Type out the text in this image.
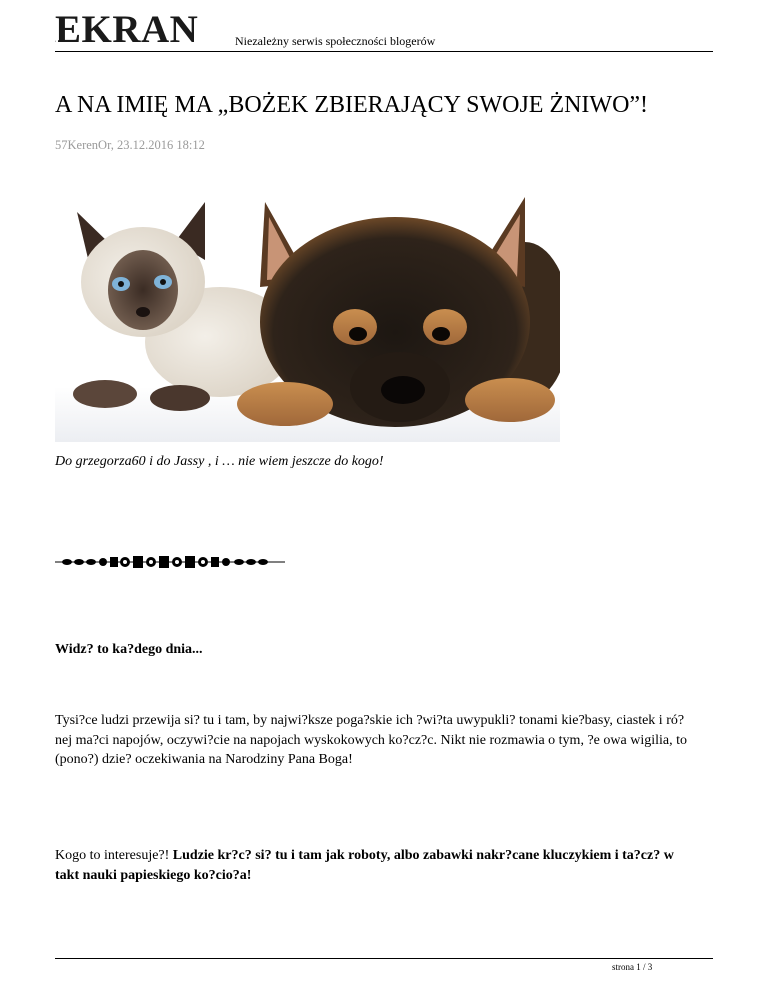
EKRAN	Niezależny serwis społeczności blogerów
A NA IMIĘ MA „BOŻEK ZBIERAJĄCY SWOJE ŻNIWO”!
57KerenOr, 23.12.2016 18:12
Do grzegorza60 i do Jassy , i … nie wiem jeszcze do kogo!
Widz? to ka?dego dnia...
Tysi?ce ludzi przewija si? tu i tam, by najwi?ksze poga?skie ich ?wi?ta uwypukli? tonami kie?basy, ciastek i ró?nej ma?ci napojów, oczywi?cie na napojach wyskokowych ko?cz?c. Nikt nie rozmawia o tym, ?e owa wigilia, to (pono?) dzie? oczekiwania na Narodziny Pana Boga!
Kogo to interesuje?! Ludzie kr?c? si? tu i tam jak roboty, albo zabawki nakr?cane kluczykiem i ta?cz? w takt nauki papieskiego ko?cio?a!
strona 1 / 3
